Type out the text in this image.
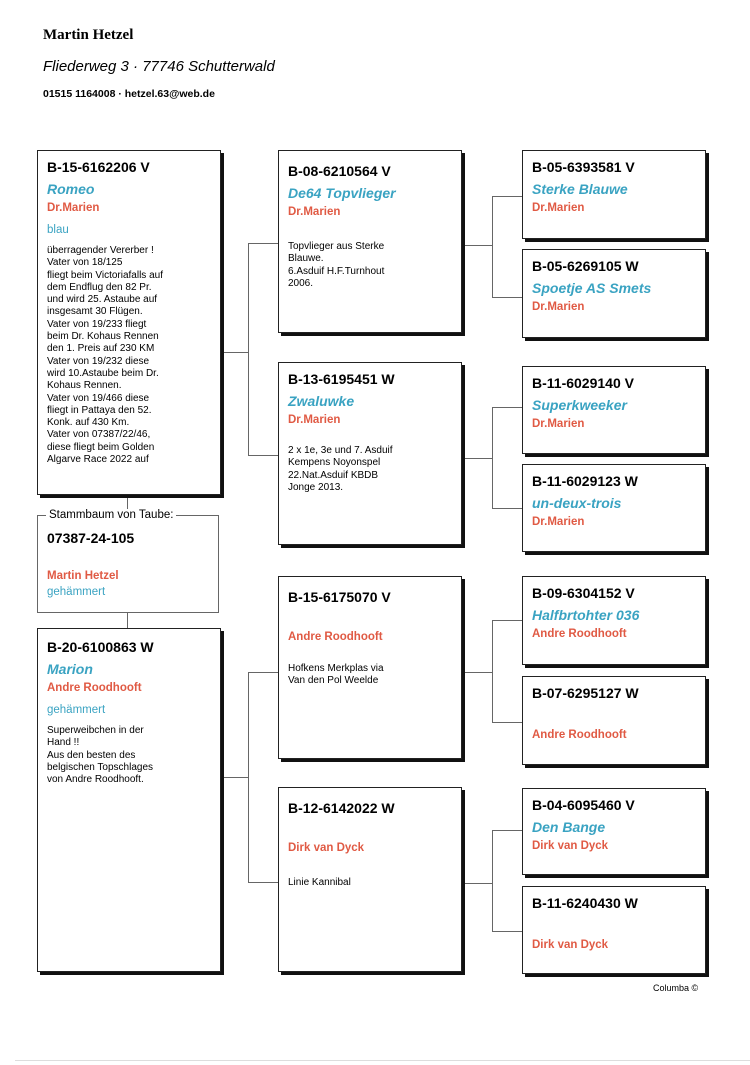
Martin Hetzel
Fliederweg 3 · 77746 Schutterwald
01515 1164008 · hetzel.63@web.de
B-15-6162206 V
Romeo
Dr.Marien
blau
überragender Vererber !
Vater von 18/125
fliegt beim Victoriafalls auf
dem Endflug den 82 Pr.
und wird 25. Astaube auf
insgesamt 30 Flügen.
Vater von 19/233 fliegt
beim Dr. Kohaus Rennen
den 1. Preis auf 230 KM
Vater von 19/232 diese
wird 10.Astaube beim Dr.
Kohaus Rennen.
Vater von 19/466 diese
fliegt in Pattaya den 52.
Konk. auf 430 Km.
Vater von 07387/22/46,
diese fliegt beim Golden
Algarve Race 2022 auf
07387-24-105
Martin Hetzel
gehämmert
Stammbaum von Taube:
B-20-6100863 W
Marion
Andre Roodhooft
gehämmert
Superweibchen in der
Hand !!
Aus den besten des
belgischen Topschlages
von Andre Roodhooft.
B-08-6210564 V
De64 Topvlieger
Dr.Marien
Topvlieger aus Sterke
Blauwe.
6.Asduif H.F.Turnhout
2006.
B-13-6195451 W
Zwaluwke
Dr.Marien
2 x 1e, 3e und 7. Asduif
Kempens Noyonspel
22.Nat.Asduif KBDB
Jonge 2013.
B-15-6175070 V
Andre Roodhooft
Hofkens Merkplas via
Van den Pol Weelde
B-12-6142022 W
Dirk van Dyck
Linie Kannibal
B-05-6393581 V
Sterke Blauwe
Dr.Marien
B-05-6269105 W
Spoetje AS Smets
Dr.Marien
B-11-6029140 V
Superkweeker
Dr.Marien
B-11-6029123 W
un-deux-trois
Dr.Marien
B-09-6304152 V
Halfbrtohter 036
Andre Roodhooft
B-07-6295127 W
Andre Roodhooft
B-04-6095460 V
Den Bange
Dirk van Dyck
B-11-6240430 W
Dirk van Dyck
Columba ©
